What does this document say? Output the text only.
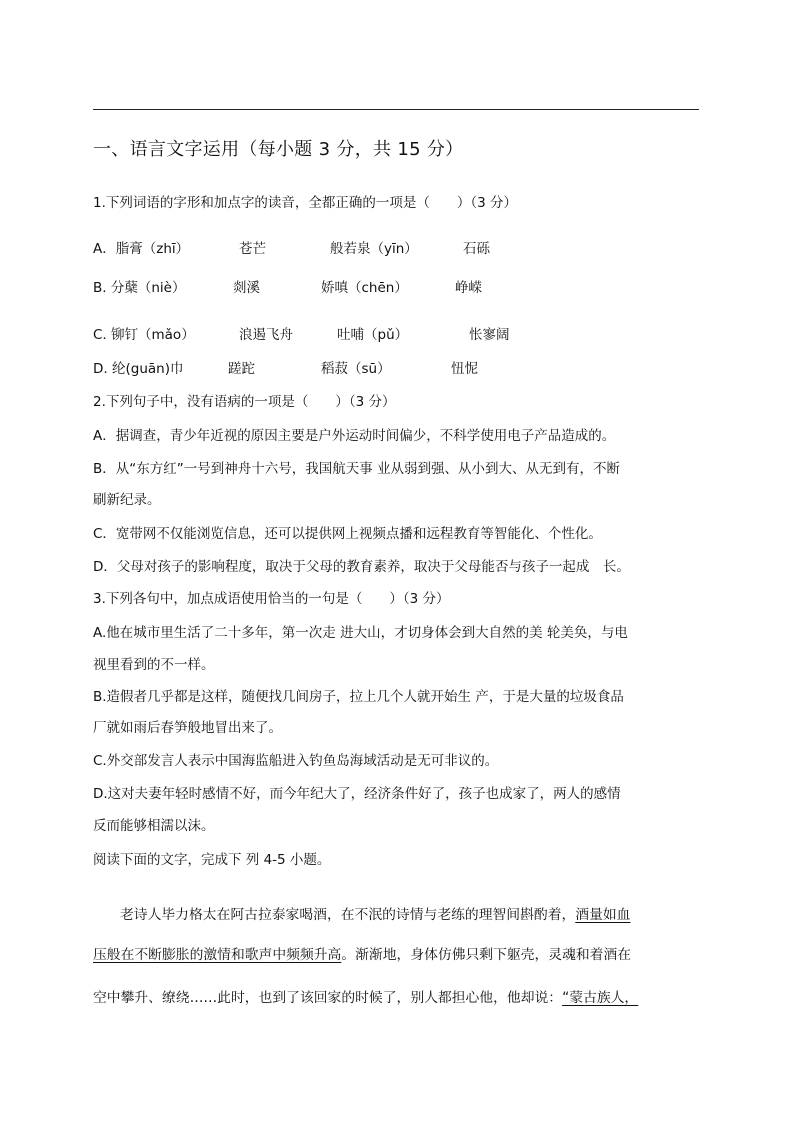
一、语言文字运用（每小题 3 分，共 15 分）
1.下列词语的字形和加点字的读音，全都正确的一项是（　　）（3 分）
A．脂膏（zhī）	苍芒	般若泉（yīn）	石砾
B. 分蘖（niè）	剡溪	娇嗔（chēn）	峥嵘
C. 铆钉（mǎo）	浪遏飞舟	吐哺（pǔ）	怅寥阔
D. 纶(guān)巾	蹉跎	稻菽（sū）	忸怩
2.下列句子中，没有语病的一项是（　　）（3 分）
A．据调查，青少年近视的原因主要是户外运动时间偏少，不科学使用电子产品造成的。
B．从“东方红”一号到神舟十六号，我国航天事 业从弱到强、从小到大、从无到有，不断
刷新纪录。
C．宽带网不仅能浏览信息，还可以提供网上视频点播和远程教育等智能化、个性化。
D．父母对孩子的影响程度，取决于父母的教育素养，取决于父母能否与孩子一起成　长。
3.下列各句中，加点成语使用恰当的一句是（　　）（3 分）
A.他在城市里生活了二十多年，第一次走 进大山，才切身体会到大自然的美 轮美奂，与电
视里看到的不一样。
B.造假者几乎都是这样，随便找几间房子，拉上几个人就开始生 产，于是大量的垃圾食品
厂就如雨后春笋般地冒出来了。
C.外交部发言人表示中国海监船进入钓鱼岛海域活动是无可非议的。
D.这对夫妻年轻时感情不好，而今年纪大了，经济条件好了，孩子也成家了，两人的感情
反而能够相濡以沫。
阅读下面的文字，完成下 列 4-5 小题。
老诗人毕力格太在阿古拉泰家喝酒，在不泯的诗情与老练的理智间斟酌着，酒量如血
压般在不断膨胀的激情和歌声中频频升高。渐渐地，身体仿佛只剩下躯壳，灵魂和着酒在
空中攀升、缭绕……此时，也到了该回家的时候了，别人都担心他，他却说：“蒙古族人，
